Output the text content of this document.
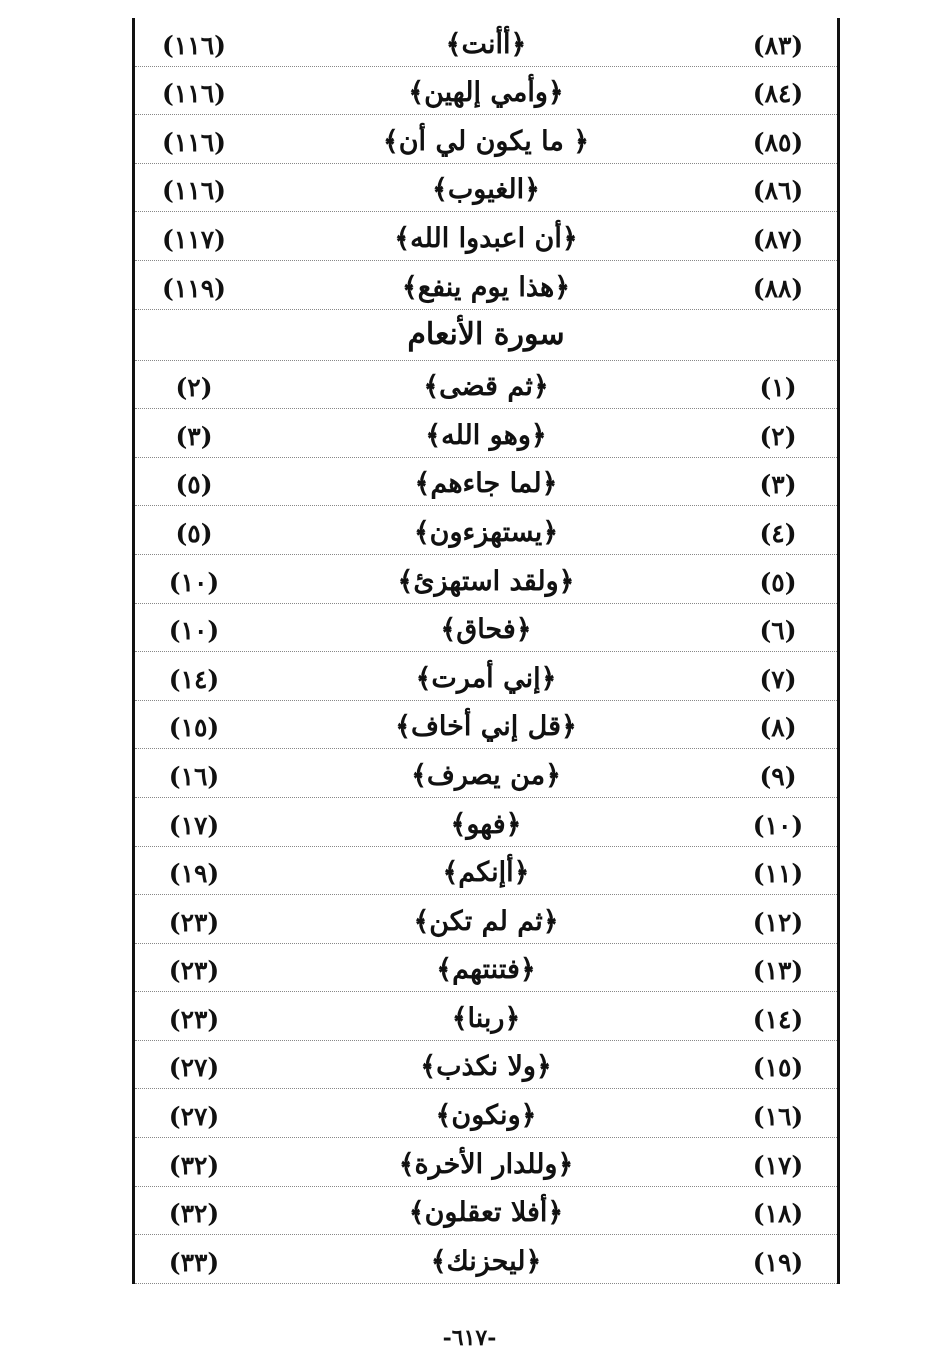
(٨٣)
﴿أأنت﴾
(١١٦)
(٨٤)
﴿وأمي إلهين﴾
(١١٦)
(٨٥)
﴿ ما يكون لي أن﴾
(١١٦)
(٨٦)
﴿الغيوب﴾
(١١٦)
(٨٧)
﴿أن اعبدوا الله﴾
(١١٧)
(٨٨)
﴿هذا يوم ينفع﴾
(١١٩)
سورة الأنعام
(١)
﴿ثم قضى﴾
(٢)
(٢)
﴿وهو الله﴾
(٣)
(٣)
﴿لما جاءهم﴾
(٥)
(٤)
﴿يستهزءون﴾
(٥)
(٥)
﴿ولقد استهزئ﴾
(١٠)
(٦)
﴿فحاق﴾
(١٠)
(٧)
﴿إني أمرت﴾
(١٤)
(٨)
﴿قل إني أخاف﴾
(١٥)
(٩)
﴿من يصرف﴾
(١٦)
(١٠)
﴿فهو﴾
(١٧)
(١١)
﴿أإنكم﴾
(١٩)
(١٢)
﴿ثم لم تكن﴾
(٢٣)
(١٣)
﴿فتنتهم﴾
(٢٣)
(١٤)
﴿ربنا﴾
(٢٣)
(١٥)
﴿ولا نكذب﴾
(٢٧)
(١٦)
﴿ونكون﴾
(٢٧)
(١٧)
﴿وللدار الأخرة﴾
(٣٢)
(١٨)
﴿أفلا تعقلون﴾
(٣٢)
(١٩)
﴿ليحزنك﴾
(٣٣)
-٦١٧-
